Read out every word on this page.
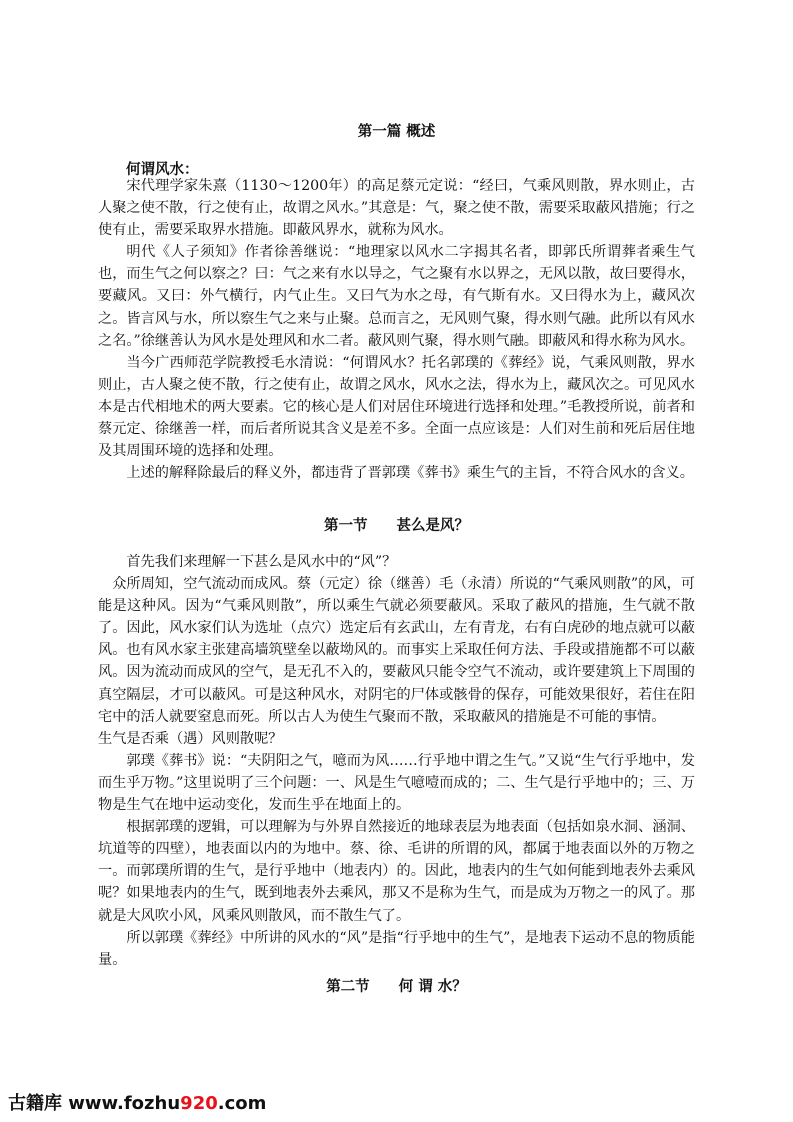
第一篇 概述
何谓风水：

宋代理学家朱熹（1130～1200年）的高足蔡元定说：“经曰，气乘风则散，界水则止，古人聚之使不散，行之使有止，故谓之风水。”其意是：气，聚之使不散，需要采取蔽风措施；行之使有止，需要采取界水措施。即蔽风界水，就称为风水。

明代《人子须知》作者徐善继说：“地理家以风水二字揭其名者，即郭氏所谓葬者乘生气也，而生气之何以察之？曰：气之来有水以导之，气之聚有水以界之，无风以散，故曰要得水，要藏风。又曰：外气横行，内气止生。又曰气为水之母，有气斯有水。又曰得水为上，藏风次之。皆言风与水，所以察生气之来与止聚。总而言之，无风则气聚，得水则气融。此所以有风水之名。”徐继善认为风水是处理风和水二者。蔽风则气聚，得水则气融。即蔽风和得水称为风水。

当今广西师范学院教授毛水清说：“何谓风水？托名郭璞的《葬经》说，气乘风则散，界水则止，古人聚之使不散，行之使有止，故谓之风水，风水之法，得水为上，藏风次之。可见风水本是古代相地术的两大要素。它的核心是人们对居住环境进行选择和处理。”毛教授所说，前者和蔡元定、徐继善一样，而后者所说其含义是差不多。全面一点应该是：人们对生前和死后居住地及其周围环境的选择和处理。

上述的解释除最后的释义外，都违背了晋郭璞《葬书》乘生气的主旨，不符合风水的含义。

第一节　　甚么是风？

首先我们来理解一下甚么是风水中的“风”？

众所周知，空气流动而成风。蔡（元定）徐（继善）毛（永清）所说的“气乘风则散”的风，可能是这种风。因为“气乘风则散”，所以乘生气就必须要蔽风。采取了蔽风的措施，生气就不散了。因此，风水家们认为选址（点穴）选定后有玄武山，左有青龙，右有白虎砂的地点就可以蔽风。也有风水家主张建高墙筑壁垒以蔽坳风的。而事实上采取任何方法、手段或措施都不可以蔽风。因为流动而成风的空气，是无孔不入的，要蔽风只能令空气不流动，或许要建筑上下周围的真空隔层，才可以蔽风。可是这种风水，对阴宅的尸体或骸骨的保存，可能效果很好，若住在阳宅中的活人就要窒息而死。所以古人为使生气聚而不散，采取蔽风的措施是不可能的事情。

生气是否乘（遇）风则散呢？

郭璞《葬书》说：“夫阴阳之气，噫而为风……行乎地中谓之生气。”又说“生气行乎地中，发而生乎万物。”这里说明了三个问题：一、风是生气噫噎而成的；二、生气是行乎地中的；三、万物是生气在地中运动变化，发而生乎在地面上的。

根据郭璞的逻辑，可以理解为与外界自然接近的地球表层为地表面（包括如泉水洞、涵洞、坑道等的四壁），地表面以内的为地中。蔡、徐、毛讲的所谓的风，都属于地表面以外的万物之一。而郭璞所谓的生气，是行乎地中（地表内）的。因此，地表内的生气如何能到地表外去乘风呢？如果地表内的生气，既到地表外去乘风，那又不是称为生气，而是成为万物之一的风了。那就是大风吹小风，风乘风则散风，而不散生气了。

所以郭璞《葬经》中所讲的风水的“风”是指“行乎地中的生气”，是地表下运动不息的物质能量。

第二节　　何 谓 水？
古籍库 www.fozhu920.com
